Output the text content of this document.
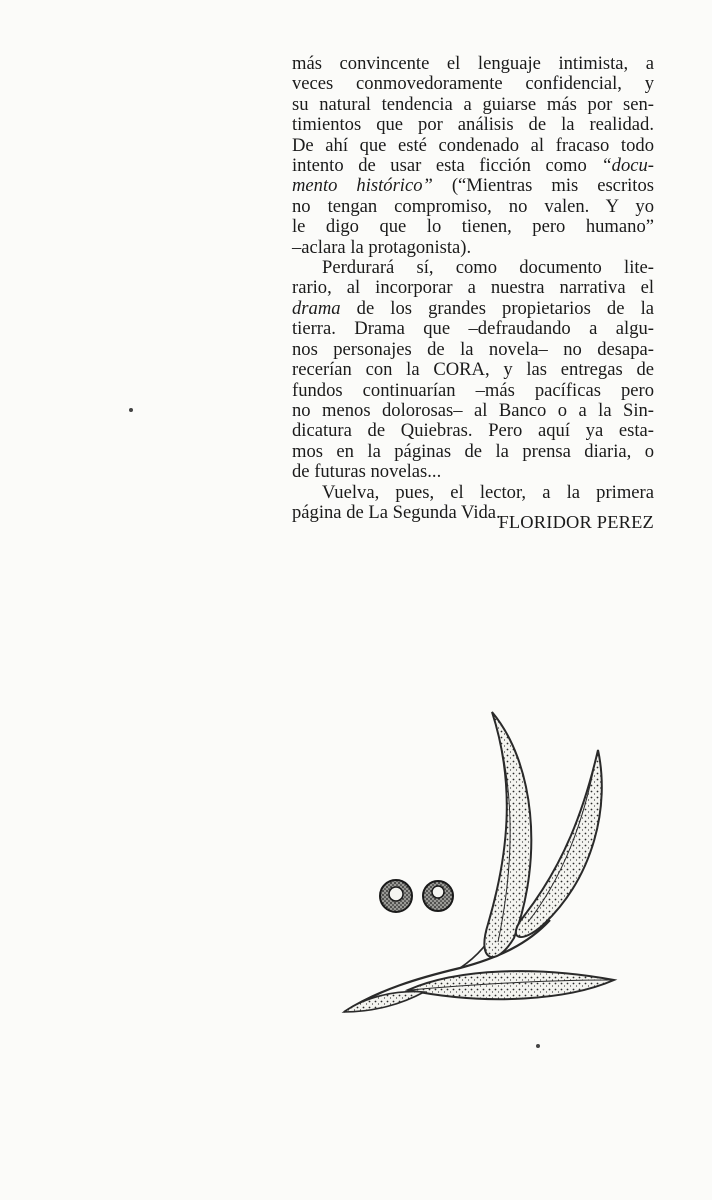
más convincente el lenguaje intimista, a
veces conmovedoramente confidencial, y
su natural tendencia a guiarse más por sen-
timientos que por análisis de la realidad.
De ahí que esté condenado al fracaso todo
intento de usar esta ficción como “docu-
mento histórico” (“Mientras mis escritos
no tengan compromiso, no valen. Y yo
le digo que lo tienen, pero humano”
–aclara la protagonista).
Perdurará sí, como documento lite-
rario, al incorporar a nuestra narrativa el
drama de los grandes propietarios de la
tierra. Drama que –defraudando a algu-
nos personajes de la novela– no desapa-
recerían con la CORA, y las entregas de
fundos continuarían –más pacíficas pero
no menos dolorosas– al Banco o a la Sin-
dicatura de Quiebras. Pero aquí ya esta-
mos en la páginas de la prensa diaria, o
de futuras novelas...
Vuelva, pues, el lector, a la primera
página de La Segunda Vida.
FLORIDOR PEREZ
